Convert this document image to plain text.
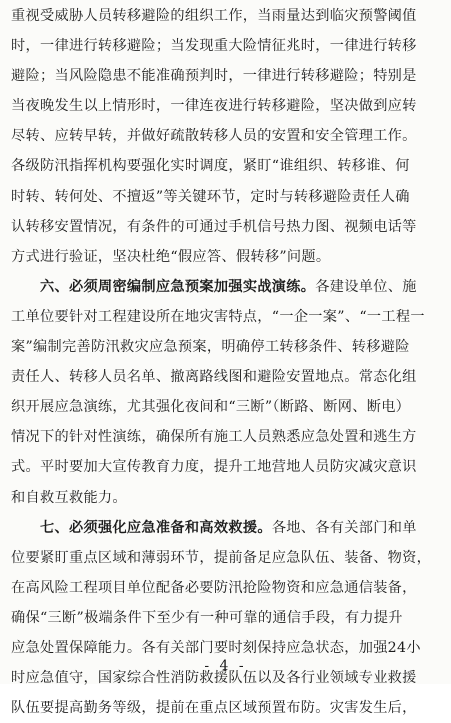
重视受威胁人员转移避险的组织工作，当雨量达到临灾预警阈值
时，一律进行转移避险；当发现重大险情征兆时，一律进行转移
避险；当风险隐患不能准确预判时，一律进行转移避险；特别是
当夜晚发生以上情形时，一律连夜进行转移避险，坚决做到应转
尽转、应转早转，并做好疏散转移人员的安置和安全管理工作。
各级防汛指挥机构要强化实时调度，紧盯“谁组织、转移谁、何
时转、转何处、不擅返”等关键环节，定时与转移避险责任人确
认转移安置情况，有条件的可通过手机信号热力图、视频电话等
方式进行验证，坚决杜绝“假应答、假转移”问题。
六、必须周密编制应急预案加强实战演练。各建设单位、施
工单位要针对工程建设所在地灾害特点，“一企一案”、“一工程一
案”编制完善防汛救灾应急预案，明确停工转移条件、转移避险
责任人、转移人员名单、撤离路线图和避险安置地点。常态化组
织开展应急演练，尤其强化夜间和“三断”（断路、断网、断电）
情况下的针对性演练，确保所有施工人员熟悉应急处置和逃生方
式。平时要加大宣传教育力度，提升工地营地人员防灾减灾意识
和自救互救能力。
七、必须强化应急准备和高效救援。各地、各有关部门和单
位要紧盯重点区域和薄弱环节，提前备足应急队伍、装备、物资，
在高风险工程项目单位配备必要防汛抢险物资和应急通信装备，
确保“三断”极端条件下至少有一种可靠的通信手段，有力提升
应急处置保障能力。各有关部门要时刻保持应急状态，加强24小
时应急值守，国家综合性消防救援队伍以及各行业领域专业救援
队伍要提高勤务等级，提前在重点区域预置布防。灾害发生后，
- 4 -
